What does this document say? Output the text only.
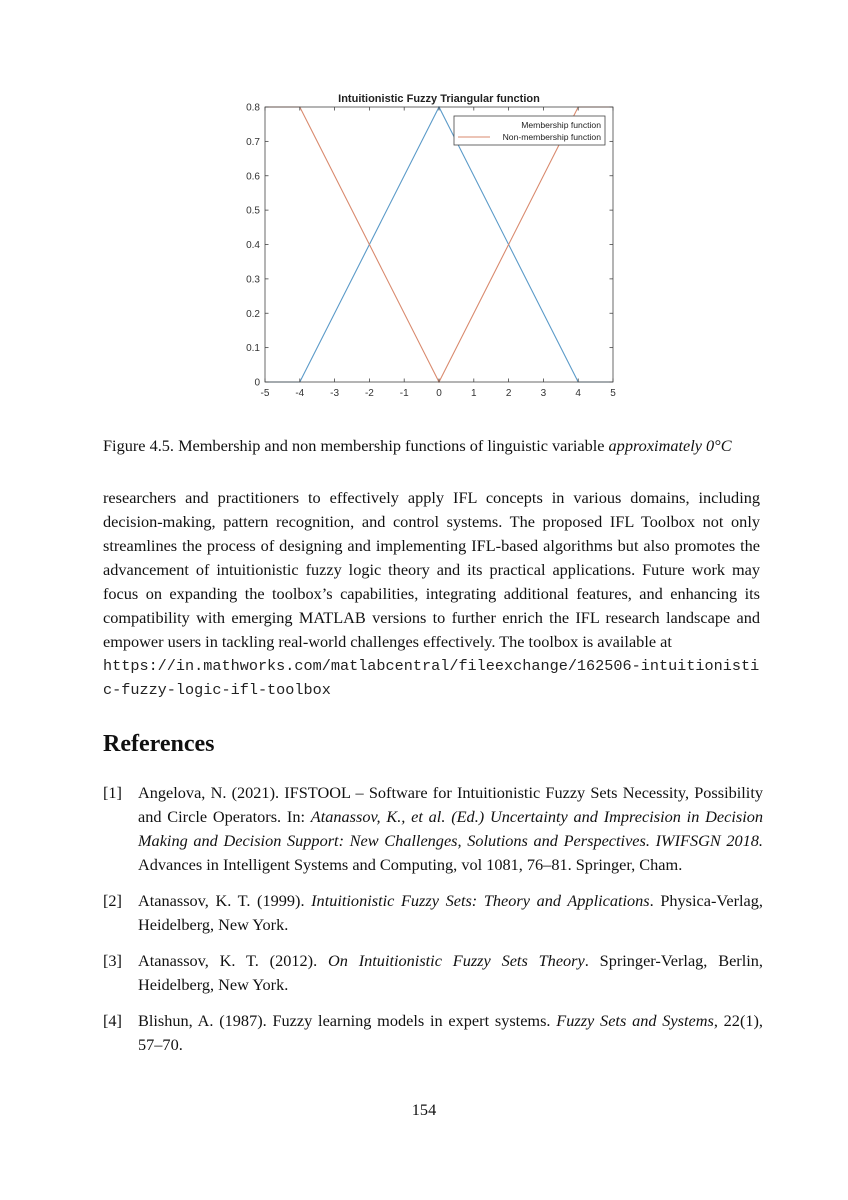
Intuitionistic Fuzzy Triangular function
-5	-4	-3	-2	-1	0	1	2	3	4	5
0
0.1
0.2
0.3
0.4
0.5
0.6
0.7
0.8
Membership function
Non-membership function
Figure 4.5. Membership and non membership functions of linguistic variable approximately 0°C

researchers and practitioners to effectively apply IFL concepts in various domains, including decision-making, pattern recognition, and control systems. The proposed IFL Toolbox not only streamlines the process of designing and implementing IFL-based algorithms but also promotes the advancement of intuitionistic fuzzy logic theory and its practical applications. Future work may focus on expanding the toolbox’s capabilities, integrating additional features, and enhancing its compatibility with emerging MATLAB versions to further enrich the IFL research landscape and empower users in tackling real-world challenges effectively. The toolbox is available at

https://in.mathworks.com/matlabcentral/fileexchange/162506-intuitionistic-fuzzy-logic-ifl-toolbox
References
[1] Angelova, N. (2021). IFSTOOL – Software for Intuitionistic Fuzzy Sets Necessity, Possibility and Circle Operators. In: Atanassov, K., et al. (Ed.) Uncertainty and Imprecision in Decision Making and Decision Support: New Challenges, Solutions and Perspectives. IWIFSGN 2018. Advances in Intelligent Systems and Computing, vol 1081, 76–81. Springer, Cham.
[2] Atanassov, K. T. (1999). Intuitionistic Fuzzy Sets: Theory and Applications. Physica-Verlag, Heidelberg, New York.
[3] Atanassov, K. T. (2012). On Intuitionistic Fuzzy Sets Theory. Springer-Verlag, Berlin, Heidelberg, New York.
[4] Blishun, A. (1987). Fuzzy learning models in expert systems. Fuzzy Sets and Systems, 22(1), 57–70.
154
